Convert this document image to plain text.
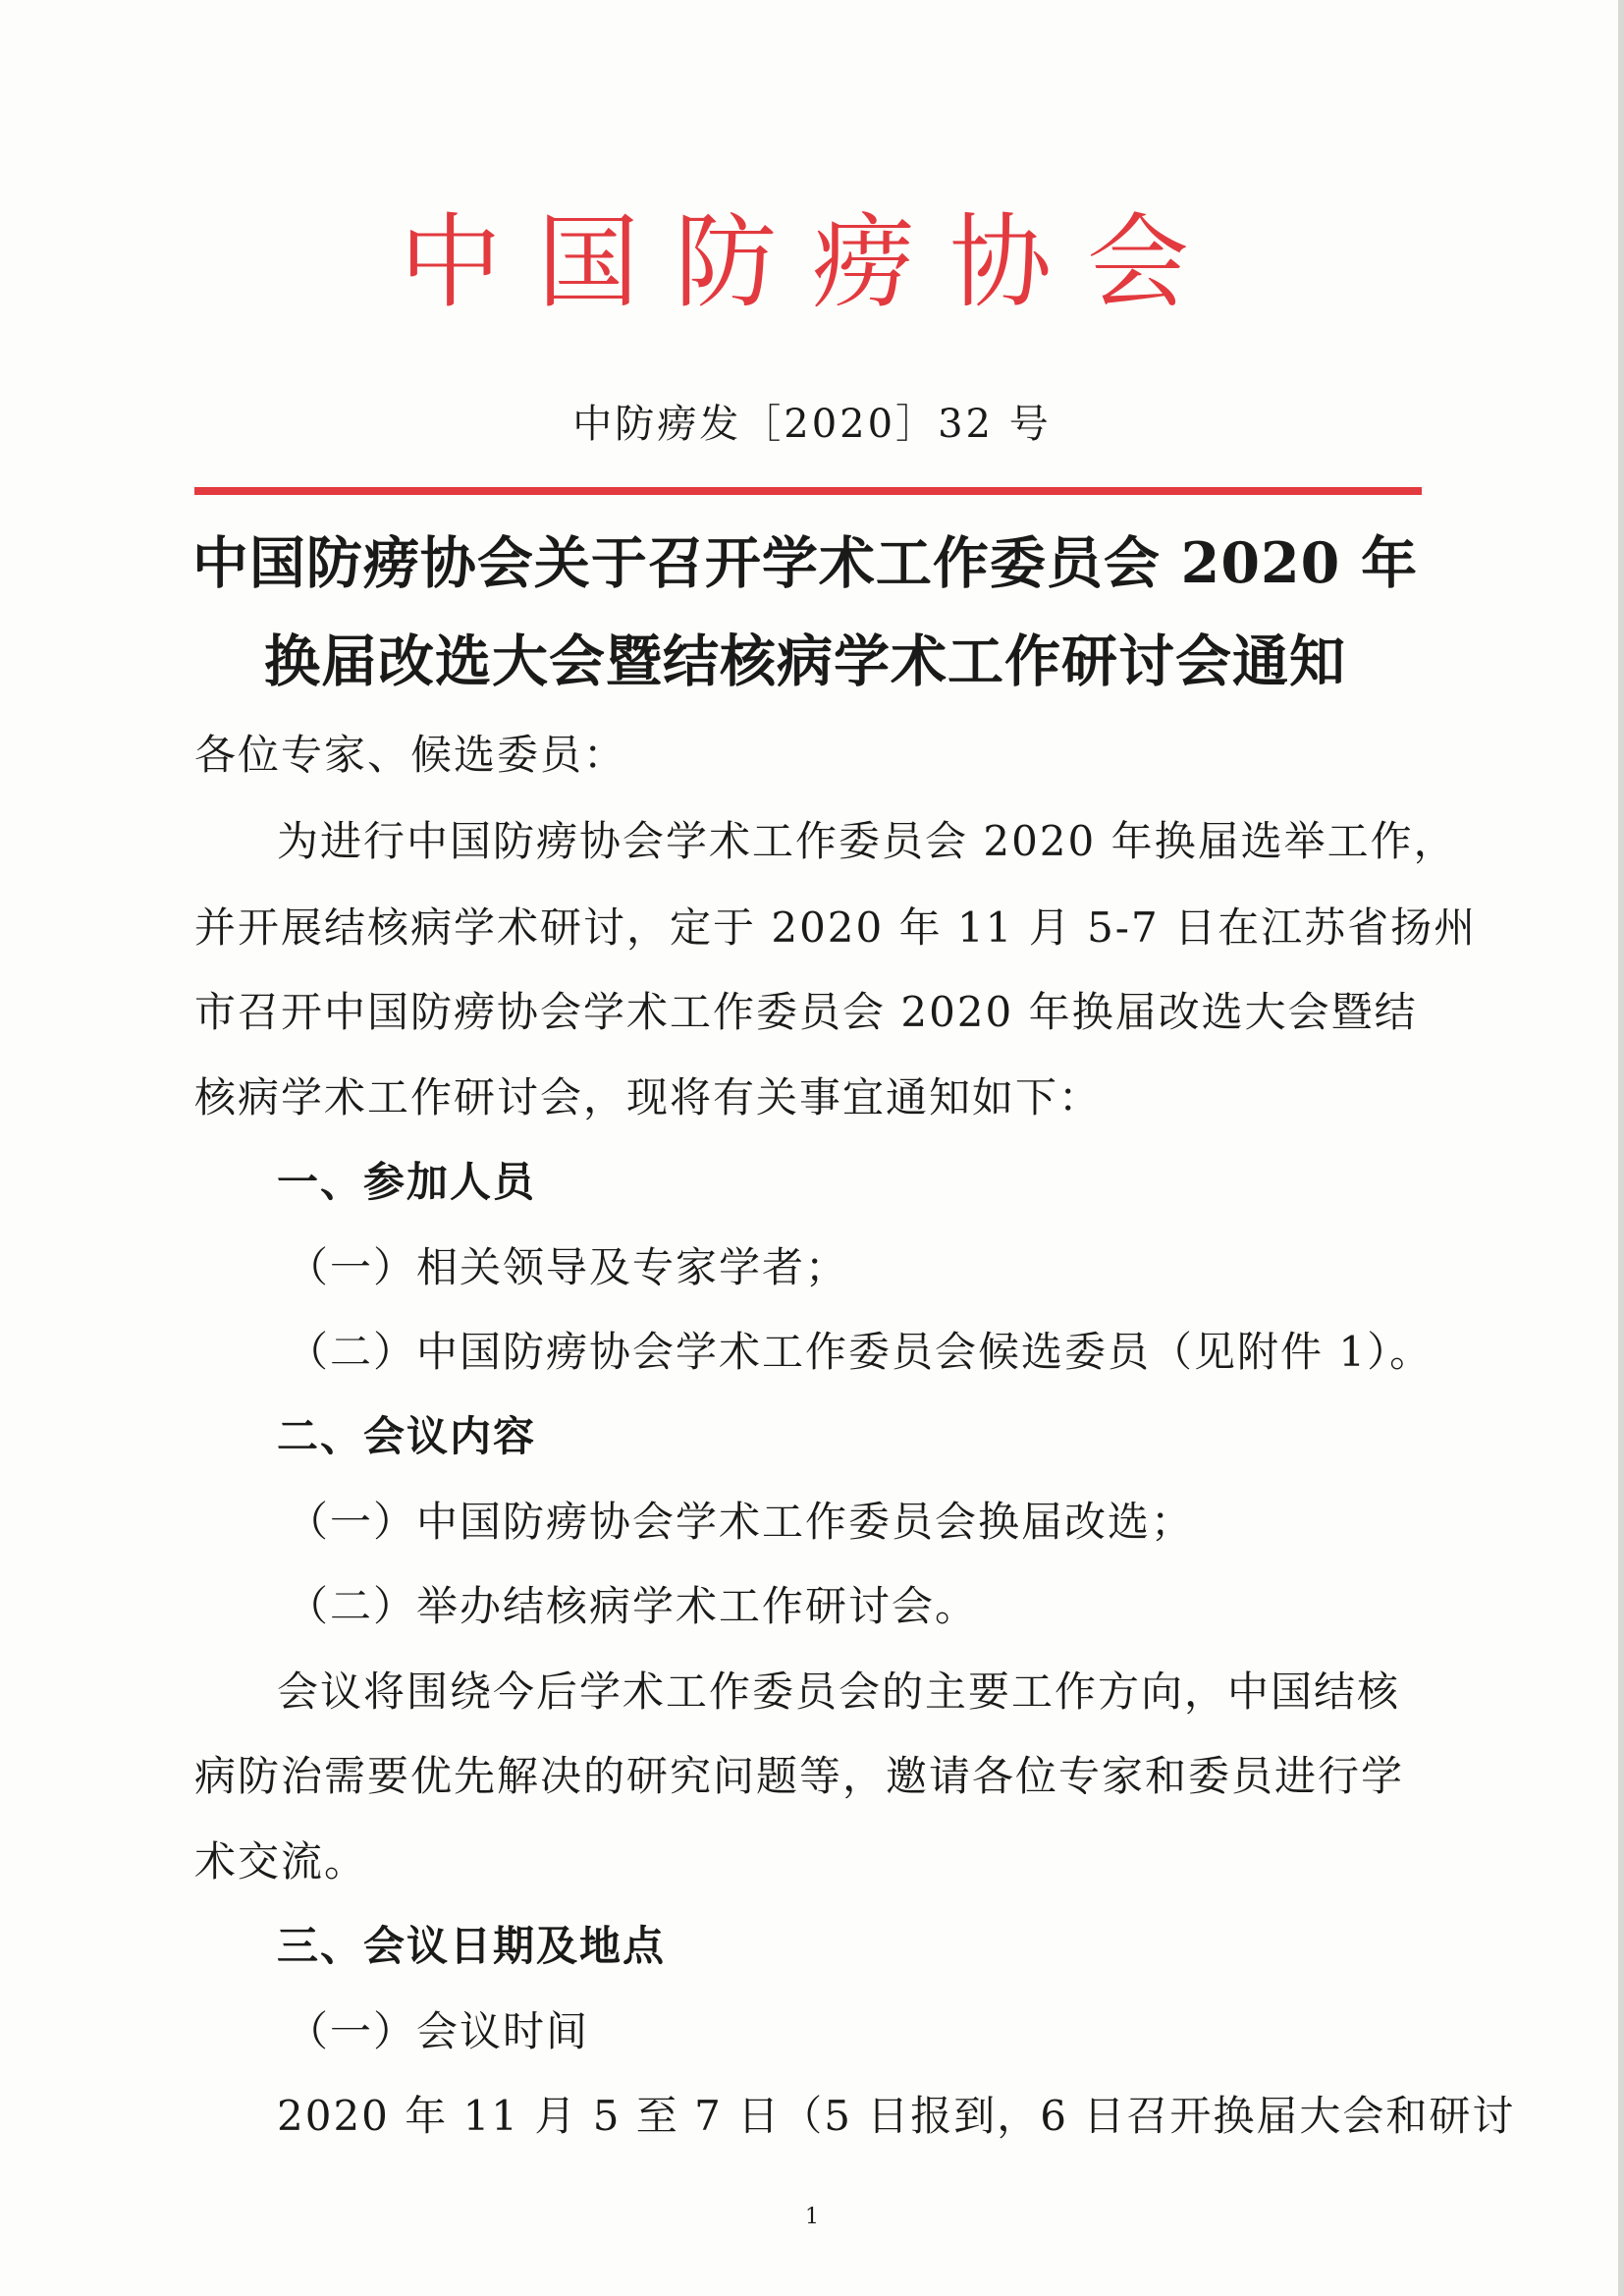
中国防痨协会
中防痨发［2020］32 号
中国防痨协会关于召开学术工作委员会 2020 年
换届改选大会暨结核病学术工作研讨会通知
各位专家、候选委员：
为进行中国防痨协会学术工作委员会 2020 年换届选举工作，
并开展结核病学术研讨，定于 2020 年 11 月 5-7 日在江苏省扬州
市召开中国防痨协会学术工作委员会 2020 年换届改选大会暨结
核病学术工作研讨会，现将有关事宜通知如下：
一、参加人员
（一）相关领导及专家学者；
（二）中国防痨协会学术工作委员会候选委员（见附件 1）。
二、会议内容
（一）中国防痨协会学术工作委员会换届改选；
（二）举办结核病学术工作研讨会。
会议将围绕今后学术工作委员会的主要工作方向，中国结核
病防治需要优先解决的研究问题等，邀请各位专家和委员进行学
术交流。
三、会议日期及地点
（一）会议时间
2020 年 11 月 5 至 7 日（5 日报到，6 日召开换届大会和研讨
1
